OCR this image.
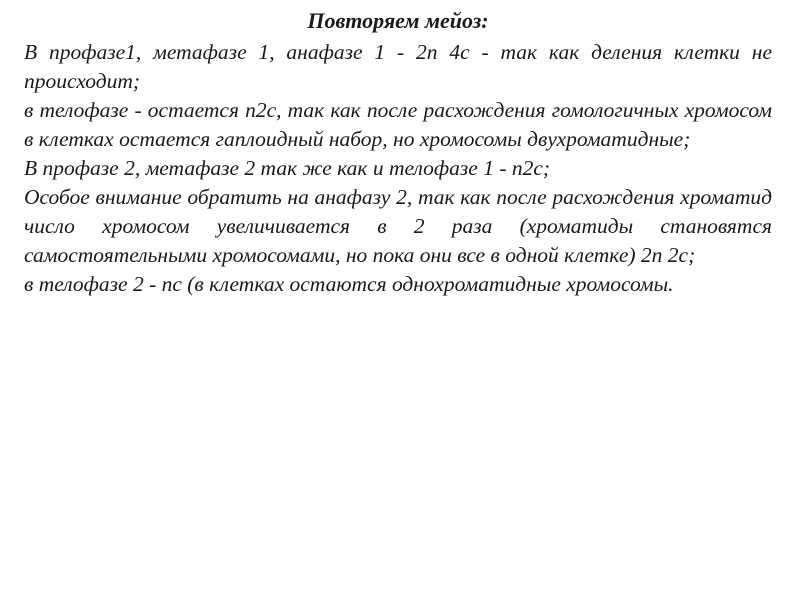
Повторяем мейоз:

В профазе1, метафазе 1, анафазе 1 - 2n 4c - так как деления клетки не происходит;

в телофазе - остается n2c, так как после расхождения гомологичных хромосом в клетках остается гаплоидный набор, но хромосомы двухроматидные;

В профазе 2, метафазе 2 так же как и телофазе 1 - n2c;

Особое внимание обратить на анафазу 2, так как после расхождения хроматид число хромосом увеличивается в 2 раза (хроматиды становятся самостоятельными хромосомами, но пока они все в одной клетке) 2n 2c;

в телофазе 2 - nc (в клетках остаются однохроматидные хромосомы.
